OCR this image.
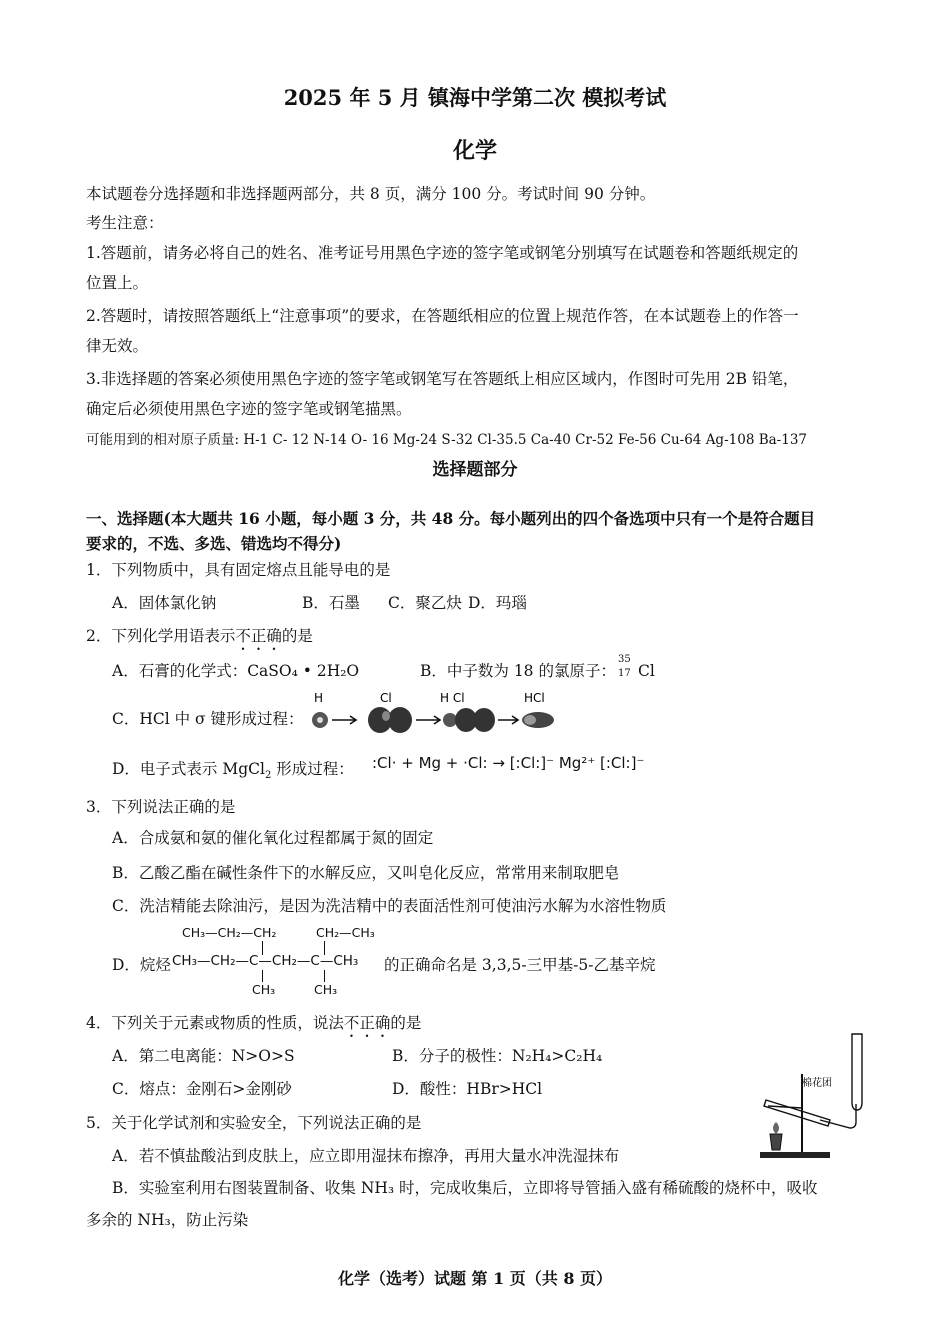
2025 年 5 月 镇海中学第二次 模拟考试
化学
本试题卷分选择题和非选择题两部分，共 8 页，满分 100 分。考试时间 90 分钟。
考生注意：
1.答题前，请务必将自己的姓名、准考证号用黑色字迹的签字笔或钢笔分别填写在试题卷和答题纸规定的
位置上。
2.答题时，请按照答题纸上“注意事项”的要求，在答题纸相应的位置上规范作答，在本试题卷上的作答一
律无效。
3.非选择题的答案必须使用黑色字迹的签字笔或钢笔写在答题纸上相应区域内，作图时可先用 2B 铅笔，
确定后必须使用黑色字迹的签字笔或钢笔描黑。
可能用到的相对原子质量: H-1 C- 12 N-14 O- 16 Mg-24 S-32 Cl-35.5 Ca-40 Cr-52 Fe-56 Cu-64 Ag-108 Ba-137
选择题部分
一、选择题(本大题共 16 小题，每小题 3 分，共 48 分。每小题列出的四个备选项中只有一个是符合题目
要求的，不选、多选、错选均不得分)
1．下列物质中，具有固定熔点且能导电的是
A．固体氯化钠	B．石墨 C．聚乙炔 D．玛瑙
2．下列化学用语表示不正确的是
A．石膏的化学式：CaSO₄ • 2H₂O	B．中子数为 18 的氯原子：
35
17 Cl
C．HCl 中 σ 键形成过程：
H	Cl	H Cl	HCl
D．电子式表示 MgCl$_2$ 形成过程： :Cl· + Mg + ·Cl: → [:Cl:]⁻ Mg²⁺ [:Cl:]⁻
3．下列说法正确的是
A．合成氨和氨的催化氧化过程都属于氮的固定
B．乙酸乙酯在碱性条件下的水解反应，又叫皂化反应，常常用来制取肥皂
C．洗洁精能去除油污，是因为洗洁精中的表面活性剂可使油污水解为水溶性物质
D．烷烃
CH₃—CH₂—CH₂	CH₂—CH₃
CH₃—CH₂—C—CH₂—C—CH₃
CH₃	CH₃
的正确命名是 3,3,5-三甲基-5-乙基辛烷
4．下列关于元素或物质的性质，说法不正确的是
A．第二电离能：N>O>S	B．分子的极性：N₂H₄>C₂H₄
C．熔点：金刚石>金刚砂	D．酸性：HBr>HCl
5．关于化学试剂和实验安全，下列说法正确的是
A．若不慎盐酸沾到皮肤上，应立即用湿抹布擦净，再用大量水冲洗湿抹布
B．实验室利用右图装置制备、收集 NH₃ 时，完成收集后，立即将导管插入盛有稀硫酸的烧杯中，吸收
多余的 NH₃，防止污染
棉花团
化学（选考）试题 第 1 页（共 8 页）
